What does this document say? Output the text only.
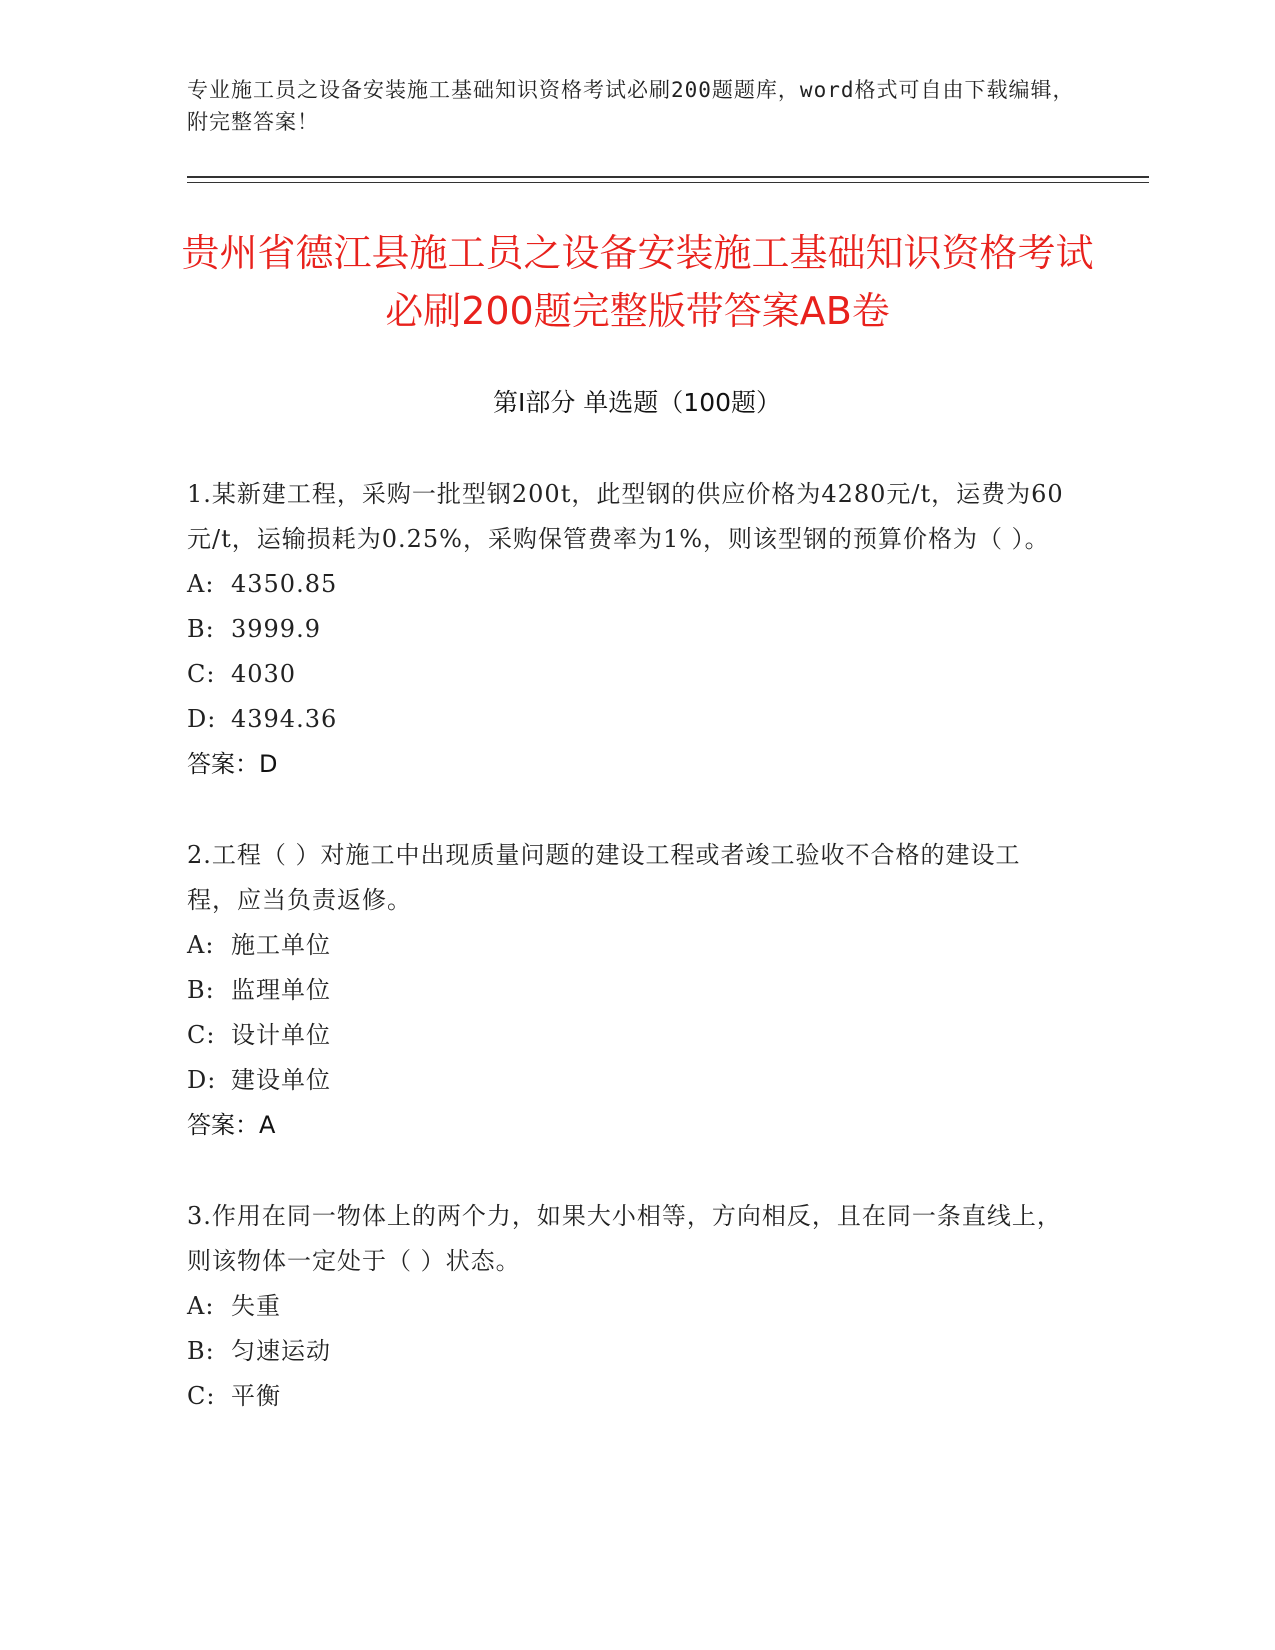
专业施工员之设备安装施工基础知识资格考试必刷200题题库，word格式可自由下载编辑，附完整答案！
贵州省德江县施工员之设备安装施工基础知识资格考试必刷200题完整版带答案AB卷
第Ⅰ部分 单选题（100题）
1.某新建工程，采购一批型钢200t，此型钢的供应价格为4280元/t，运费为60元/t，运输损耗为0.25%，采购保管费率为1%，则该型钢的预算价格为（ ）。
A: 4350.85
B: 3999.9
C: 4030
D: 4394.36
答案：D
2.工程（ ）对施工中出现质量问题的建设工程或者竣工验收不合格的建设工程，应当负责返修。
A: 施工单位
B: 监理单位
C: 设计单位
D: 建设单位
答案：A
3.作用在同一物体上的两个力，如果大小相等，方向相反，且在同一条直线上，则该物体一定处于（ ）状态。
A: 失重
B: 匀速运动
C: 平衡
